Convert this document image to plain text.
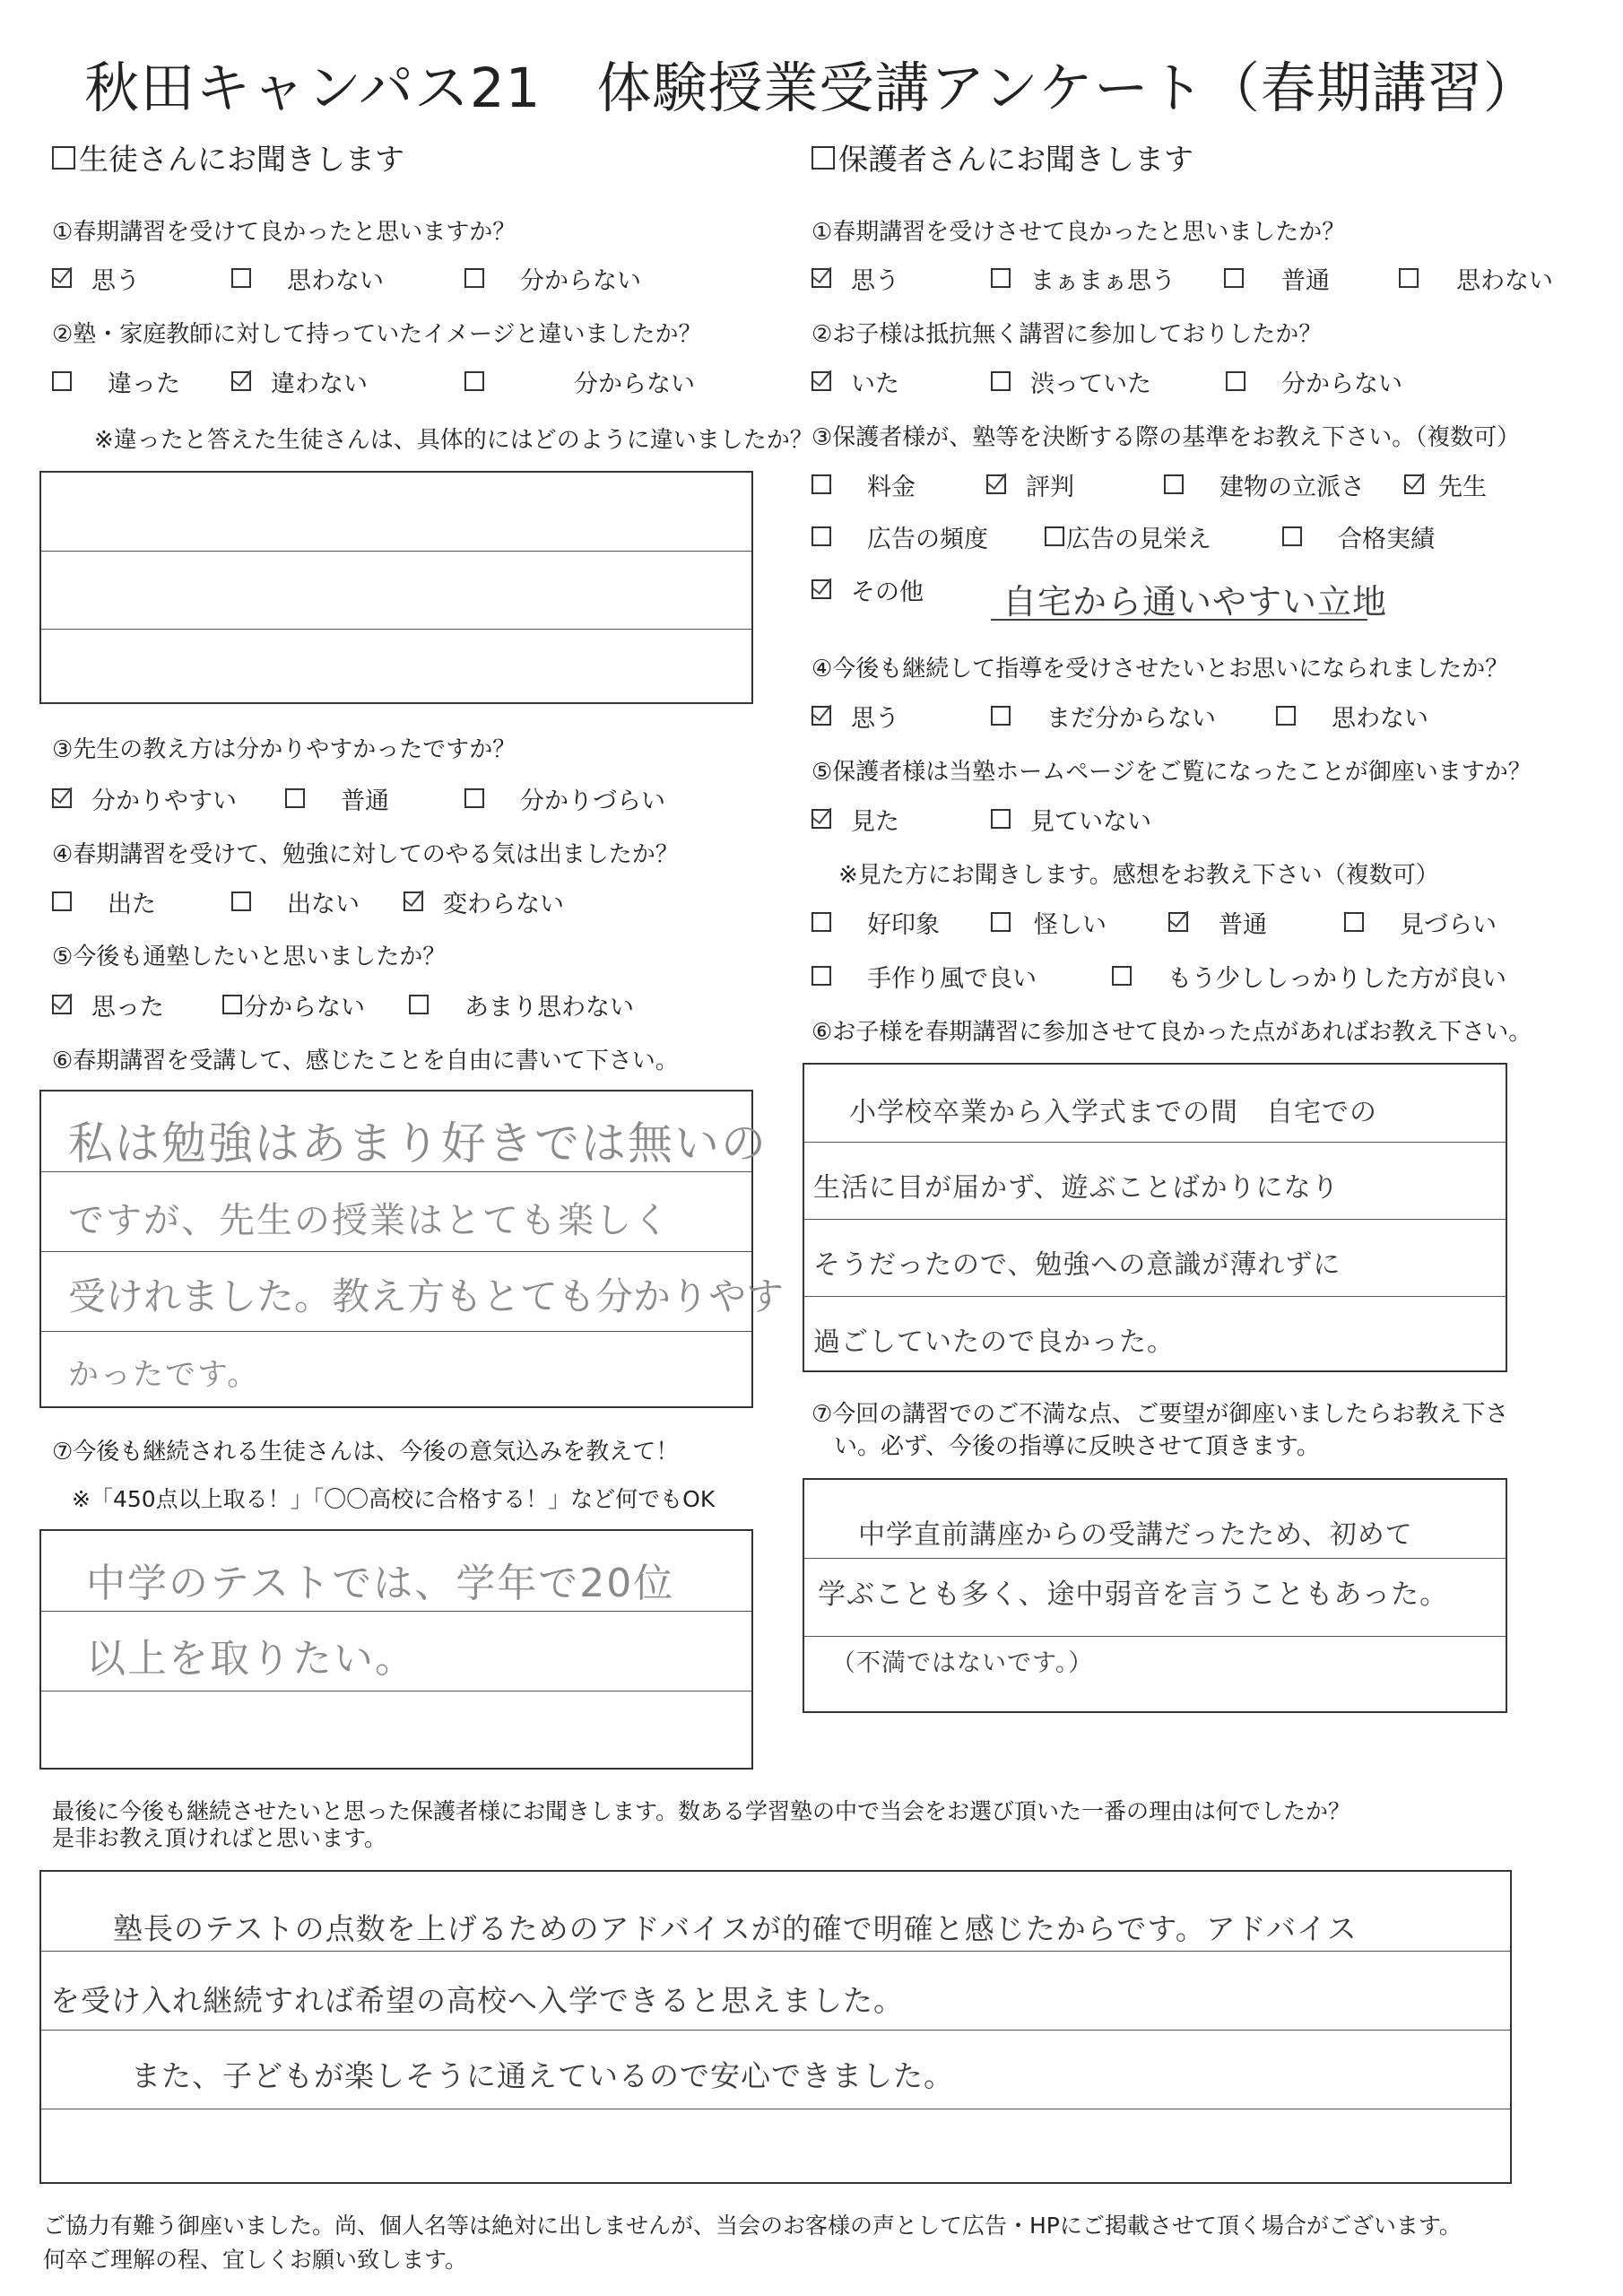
秋田キャンパス21　体験授業受講アンケート（春期講習）
生徒さんにお聞きします
①春期講習を受けて良かったと思いますか？
思う	思わない	分からない
②塾・家庭教師に対して持っていたイメージと違いましたか？
違った	違わない	分からない
※違ったと答えた生徒さんは、具体的にはどのように違いましたか？
③先生の教え方は分かりやすかったですか？
分かりやすい	普通	分かりづらい
④春期講習を受けて、勉強に対してのやる気は出ましたか？
出た	出ない	変わらない
⑤今後も通塾したいと思いましたか？
思った	分からない	あまり思わない
⑥春期講習を受講して、感じたことを自由に書いて下さい。
私は勉強はあまり好きでは無いの
ですが、先生の授業はとても楽しく
受けれました。教え方もとても分かりやす
かったです。
⑦今後も継続される生徒さんは、今後の意気込みを教えて！
※「450点以上取る！」「〇〇高校に合格する！」など何でもOK
中学のテストでは、学年で20位
以上を取りたい。
保護者さんにお聞きします
①春期講習を受けさせて良かったと思いましたか？
思う	まぁまぁ思う	普通	思わない
②お子様は抵抗無く講習に参加しておりしたか？
いた	渋っていた	分からない
③保護者様が、塾等を決断する際の基準をお教え下さい。（複数可）
料金	評判	建物の立派さ	先生
広告の頻度	広告の見栄え	合格実績
その他 自宅から通いやすい立地
④今後も継続して指導を受けさせたいとお思いになられましたか？
思う	まだ分からない	思わない
⑤保護者様は当塾ホームページをご覧になったことが御座いますか？
見た	見ていない
※見た方にお聞きします。感想をお教え下さい（複数可）
好印象	怪しい	普通	見づらい
手作り風で良い	もう少ししっかりした方が良い
⑥お子様を春期講習に参加させて良かった点があればお教え下さい。
小学校卒業から入学式までの間　自宅での
生活に目が届かず、遊ぶことばかりになり
そうだったので、勉強への意識が薄れずに
過ごしていたので良かった。
⑦今回の講習でのご不満な点、ご要望が御座いましたらお教え下さ
い。必ず、今後の指導に反映させて頂きます。
中学直前講座からの受講だったため、初めて
学ぶことも多く、途中弱音を言うこともあった。
（不満ではないです。）
最後に今後も継続させたいと思った保護者様にお聞きします。数ある学習塾の中で当会をお選び頂いた一番の理由は何でしたか？
是非お教え頂ければと思います。
塾長のテストの点数を上げるためのアドバイスが的確で明確と感じたからです。アドバイス
を受け入れ継続すれば希望の高校へ入学できると思えました。
また、子どもが楽しそうに通えているので安心できました。
ご協力有難う御座いました。尚、個人名等は絶対に出しませんが、当会のお客様の声として広告・HPにご掲載させて頂く場合がございます。
何卒ご理解の程、宜しくお願い致します。
